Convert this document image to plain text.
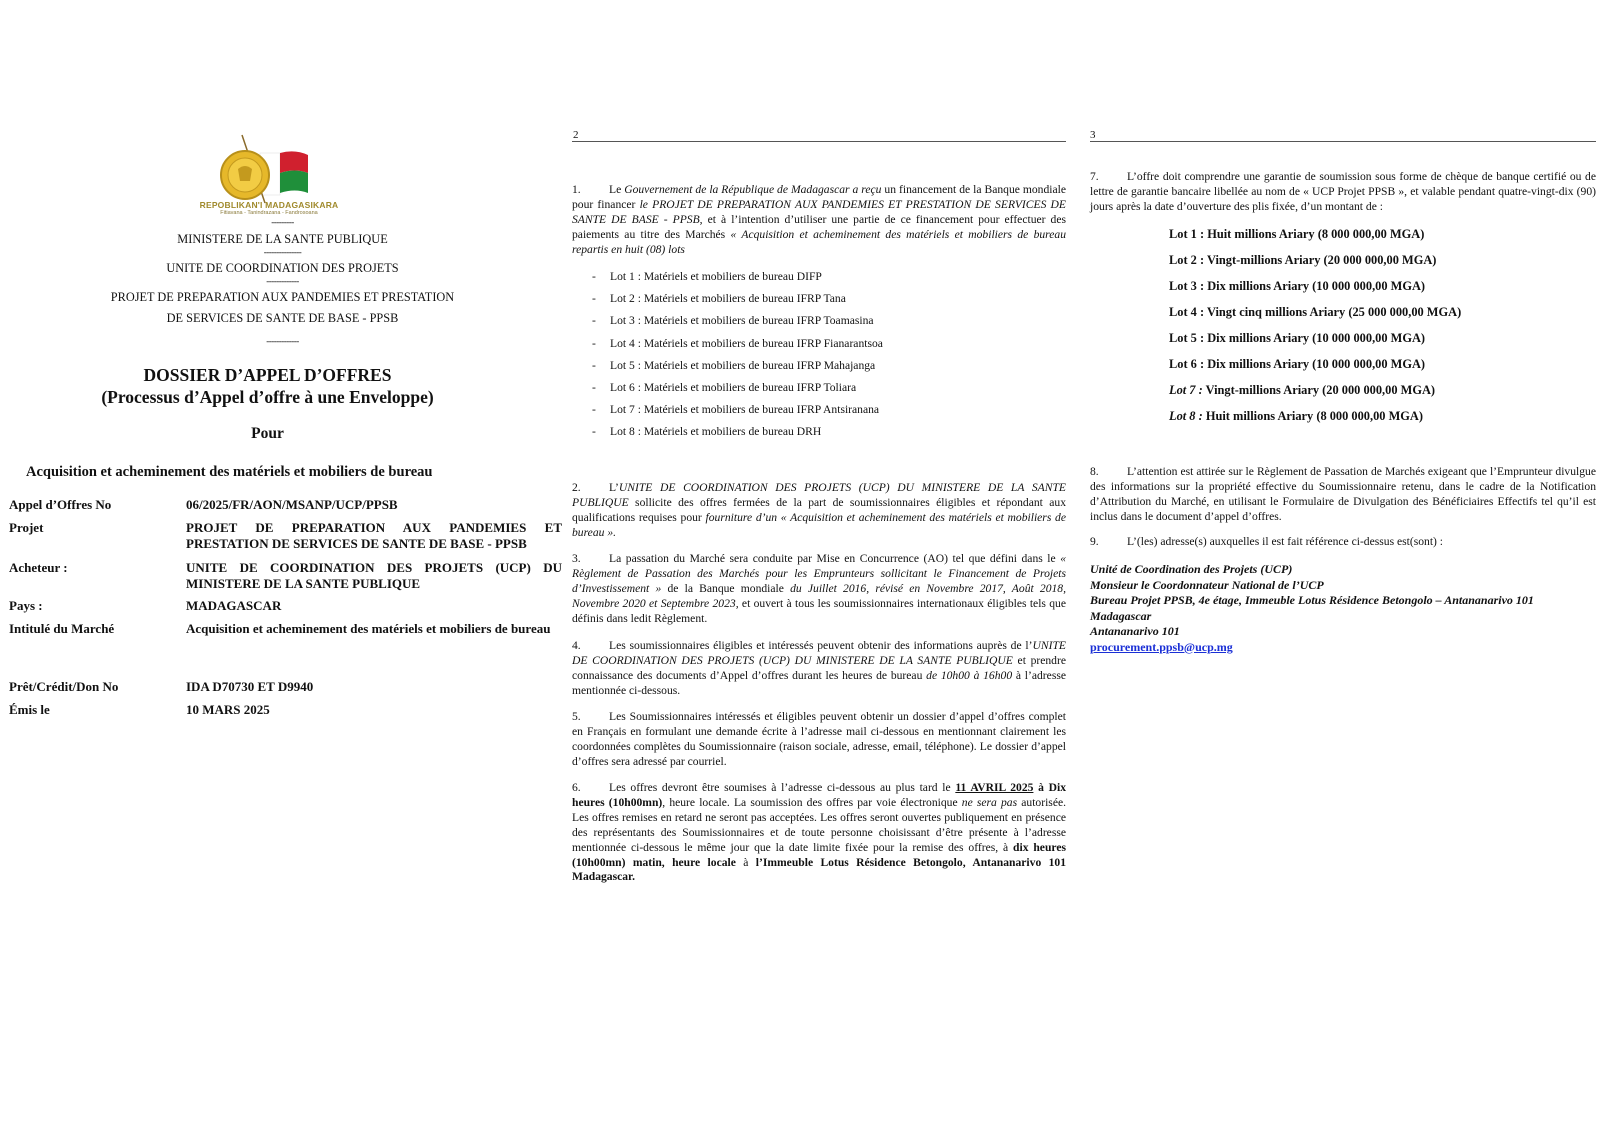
REPOBLIKAN'I MADAGASIKARA
Fitiavana - Tanindrazana - Fandrosoana
---------
MINISTERE DE LA SANTE PUBLIQUE
---------------
UNITE DE COORDINATION DES PROJETS
-------------
PROJET DE PREPARATION AUX PANDEMIES ET PRESTATION
DE SERVICES DE SANTE DE BASE - PPSB
-------------
DOSSIER D’APPEL D’OFFRES
(Processus d’Appel d’offre à une Enveloppe)
Pour
Acquisition et acheminement des matériels et mobiliers de bureau
Appel d’Offres No	06/2025/FR/AON/MSANP/UCP/PPSB
Projet	PROJET DE PREPARATION AUX PANDEMIES ET PRESTATION DE SERVICES DE SANTE DE BASE - PPSB
Acheteur :	UNITE DE COORDINATION DES PROJETS (UCP) DU MINISTERE DE LA SANTE PUBLIQUE
Pays :	MADAGASCAR
Intitulé du Marché	Acquisition et acheminement des matériels et mobiliers de bureau
Prêt/Crédit/Don No	IDA D70730 ET D9940
Émis le	10 MARS 2025
2
1. Le Gouvernement de la République de Madagascar a reçu un financement de la Banque mondiale pour financer le PROJET DE PREPARATION AUX PANDEMIES ET PRESTATION DE SERVICES DE SANTE DE BASE - PPSB, et à l’intention d’utiliser une partie de ce financement pour effectuer des paiements au titre des Marchés « Acquisition et acheminement des matériels et mobiliers de bureau repartis en huit (08) lots
- Lot 1 : Matériels et mobiliers de bureau DIFP
- Lot 2 : Matériels et mobiliers de bureau IFRP Tana
- Lot 3 : Matériels et mobiliers de bureau IFRP Toamasina
- Lot 4 : Matériels et mobiliers de bureau IFRP Fianarantsoa
- Lot 5 : Matériels et mobiliers de bureau IFRP Mahajanga
- Lot 6 : Matériels et mobiliers de bureau IFRP Toliara
- Lot 7 : Matériels et mobiliers de bureau IFRP Antsiranana
- Lot 8 : Matériels et mobiliers de bureau DRH
2. L’UNITE DE COORDINATION DES PROJETS (UCP) DU MINISTERE DE LA SANTE PUBLIQUE sollicite des offres fermées de la part de soumissionnaires éligibles et répondant aux qualifications requises pour fourniture d’un « Acquisition et acheminement des matériels et mobiliers de bureau ».
3. La passation du Marché sera conduite par Mise en Concurrence (AO) tel que défini dans le « Règlement de Passation des Marchés pour les Emprunteurs sollicitant le Financement de Projets d’Investissement » de la Banque mondiale du Juillet 2016, révisé en Novembre 2017, Août 2018, Novembre 2020 et Septembre 2023, et ouvert à tous les soumissionnaires internationaux éligibles tels que définis dans ledit Règlement.
4. Les soumissionnaires éligibles et intéressés peuvent obtenir des informations auprès de l’UNITE DE COORDINATION DES PROJETS (UCP) DU MINISTERE DE LA SANTE PUBLIQUE et prendre connaissance des documents d’Appel d’offres durant les heures de bureau de 10h00 à 16h00 à l’adresse mentionnée ci-dessous.
5. Les Soumissionnaires intéressés et éligibles peuvent obtenir un dossier d’appel d’offres complet en Français en formulant une demande écrite à l’adresse mail ci-dessous en mentionnant clairement les coordonnées complètes du Soumissionnaire (raison sociale, adresse, email, téléphone). Le dossier d’appel d’offres sera adressé par courriel.
6. Les offres devront être soumises à l’adresse ci-dessous au plus tard le 11 AVRIL 2025 à Dix heures (10h00mn), heure locale. La soumission des offres par voie électronique ne sera pas autorisée. Les offres remises en retard ne seront pas acceptées. Les offres seront ouvertes publiquement en présence des représentants des Soumissionnaires et de toute personne choisissant d’être présente à l’adresse mentionnée ci-dessous le même jour que la date limite fixée pour la remise des offres, à dix heures (10h00mn) matin, heure locale à l’Immeuble Lotus Résidence Betongolo, Antananarivo 101 Madagascar.
3
7. L’offre doit comprendre une garantie de soumission sous forme de chèque de banque certifié ou de lettre de garantie bancaire libellée au nom de « UCP Projet PPSB », et valable pendant quatre-vingt-dix (90) jours après la date d’ouverture des plis fixée, d’un montant de :
Lot 1 : Huit millions Ariary (8 000 000,00 MGA)
Lot 2 : Vingt-millions Ariary (20 000 000,00 MGA)
Lot 3 : Dix millions Ariary (10 000 000,00 MGA)
Lot 4 : Vingt cinq millions Ariary (25 000 000,00 MGA)
Lot 5 : Dix millions Ariary (10 000 000,00 MGA)
Lot 6 : Dix millions Ariary (10 000 000,00 MGA)
Lot 7 : Vingt-millions Ariary (20 000 000,00 MGA)
Lot 8 : Huit millions Ariary (8 000 000,00 MGA)
8. L’attention est attirée sur le Règlement de Passation de Marchés exigeant que l’Emprunteur divulgue des informations sur la propriété effective du Soumissionnaire retenu, dans le cadre de la Notification d’Attribution du Marché, en utilisant le Formulaire de Divulgation des Bénéficiaires Effectifs tel qu’il est inclus dans le document d’appel d’offres.
9. L’(les) adresse(s) auxquelles il est fait référence ci-dessus est(sont) :
Unité de Coordination des Projets (UCP)
Monsieur le Coordonnateur National de l’UCP
Bureau Projet PPSB, 4e étage, Immeuble Lotus Résidence Betongolo – Antananarivo 101
Madagascar
Antananarivo 101
procurement.ppsb@ucp.mg
